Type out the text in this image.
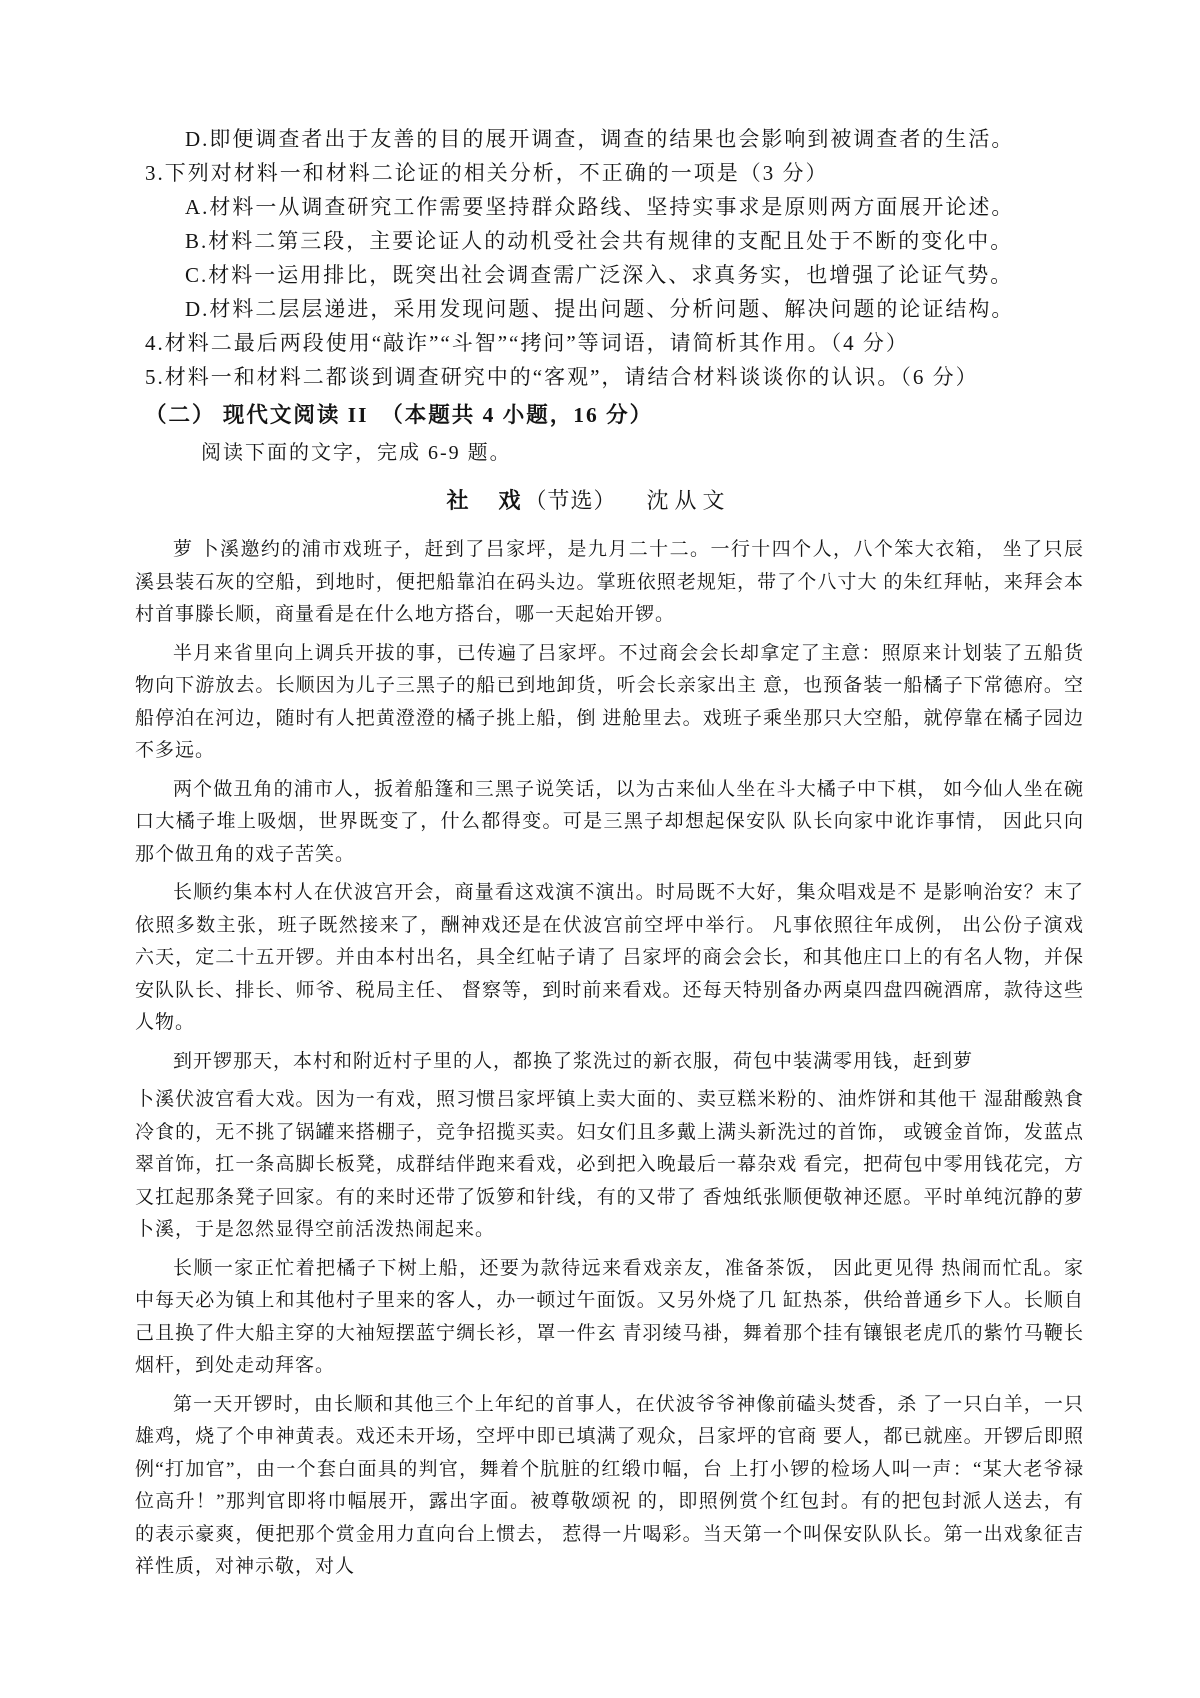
D.即便调查者出于友善的目的展开调查，调查的结果也会影响到被调查者的生活。
3.下列对材料一和材料二论证的相关分析，不正确的一项是（3 分）
A.材料一从调查研究工作需要坚持群众路线、坚持实事求是原则两方面展开论述。
B.材料二第三段，主要论证人的动机受社会共有规律的支配且处于不断的变化中。
C.材料一运用排比，既突出社会调查需广泛深入、求真务实，也增强了论证气势。
D.材料二层层递进，采用发现问题、提出问题、分析问题、解决问题的论证结构。
4.材料二最后两段使用“敲诈”“斗智”“拷问”等词语，请简析其作用。（4 分）
5.材料一和材料二都谈到调查研究中的“客观”，请结合材料谈谈你的认识。（6 分）
（二） 现代文阅读 II　（本题共 4 小题，16 分）
阅读下面的文字，完成 6-9 题。
社　戏（节选） 沈从文

萝 卜溪邀约的浦市戏班子，赶到了吕家坪，是九月二十二。一行十四个人，八个笨大衣箱， 坐了只辰溪县装石灰的空船，到地时，便把船靠泊在码头边。掌班依照老规矩，带了个八寸大 的朱红拜帖，来拜会本村首事滕长顺，商量看是在什么地方搭台，哪一天起始开锣。

半月来省里向上调兵开拔的事，已传遍了吕家坪。不过商会会长却拿定了主意：照原来计划装了五船货物向下游放去。长顺因为儿子三黑子的船已到地卸货，听会长亲家出主 意，也预备装一船橘子下常德府。空船停泊在河边，随时有人把黄澄澄的橘子挑上船，倒 进舱里去。戏班子乘坐那只大空船，就停靠在橘子园边不多远。

两个做丑角的浦市人，扳着船篷和三黑子说笑话，以为古来仙人坐在斗大橘子中下棋， 如今仙人坐在碗口大橘子堆上吸烟，世界既变了，什么都得变。可是三黑子却想起保安队 队长向家中讹诈事情， 因此只向那个做丑角的戏子苦笑。

长顺约集本村人在伏波宫开会，商量看这戏演不演出。时局既不大好，集众唱戏是不 是影响治安？末了依照多数主张，班子既然接来了，酬神戏还是在伏波宫前空坪中举行。 凡事依照往年成例， 出公份子演戏六天，定二十五开锣。并由本村出名，具全红帖子请了 吕家坪的商会会长，和其他庄口上的有名人物，并保安队队长、排长、师爷、税局主任、 督察等，到时前来看戏。还每天特别备办两桌四盘四碗酒席，款待这些人物。

到开锣那天，本村和附近村子里的人，都换了浆洗过的新衣服，荷包中装满零用钱，赶到萝

卜溪伏波宫看大戏。因为一有戏，照习惯吕家坪镇上卖大面的、卖豆糕米粉的、油炸饼和其他干 湿甜酸熟食冷食的，无不挑了锅罐来搭棚子，竞争招揽买卖。妇女们且多戴上满头新洗过的首饰， 或镀金首饰，发蓝点翠首饰，扛一条高脚长板凳，成群结伴跑来看戏，必到把入晚最后一幕杂戏 看完，把荷包中零用钱花完，方又扛起那条凳子回家。有的来时还带了饭箩和针线，有的又带了 香烛纸张顺便敬神还愿。平时单纯沉静的萝 卜溪，于是忽然显得空前活泼热闹起来。

长顺一家正忙着把橘子下树上船，还要为款待远来看戏亲友，准备茶饭， 因此更见得 热闹而忙乱。家中每天必为镇上和其他村子里来的客人，办一顿过午面饭。又另外烧了几 缸热茶，供给普通乡下人。长顺自己且换了件大船主穿的大袖短摆蓝宁绸长衫，罩一件玄 青羽绫马褂，舞着那个挂有镶银老虎爪的紫竹马鞭长烟杆，到处走动拜客。

第一天开锣时，由长顺和其他三个上年纪的首事人，在伏波爷爷神像前磕头焚香，杀 了一只白羊，一只雄鸡，烧了个申神黄表。戏还未开场，空坪中即已填满了观众，吕家坪的官商 要人，都已就座。开锣后即照例“打加官”，由一个套白面具的判官，舞着个肮脏的红缎巾幅，台 上打小锣的检场人叫一声：“某大老爷禄位高升！”那判官即将巾幅展开，露出字面。被尊敬颂祝 的，即照例赏个红包封。有的把包封派人送去，有的表示豪爽，便把那个赏金用力直向台上惯去， 惹得一片喝彩。当天第一个叫保安队队长。第一出戏象征吉祥性质，对神示敬，对人
